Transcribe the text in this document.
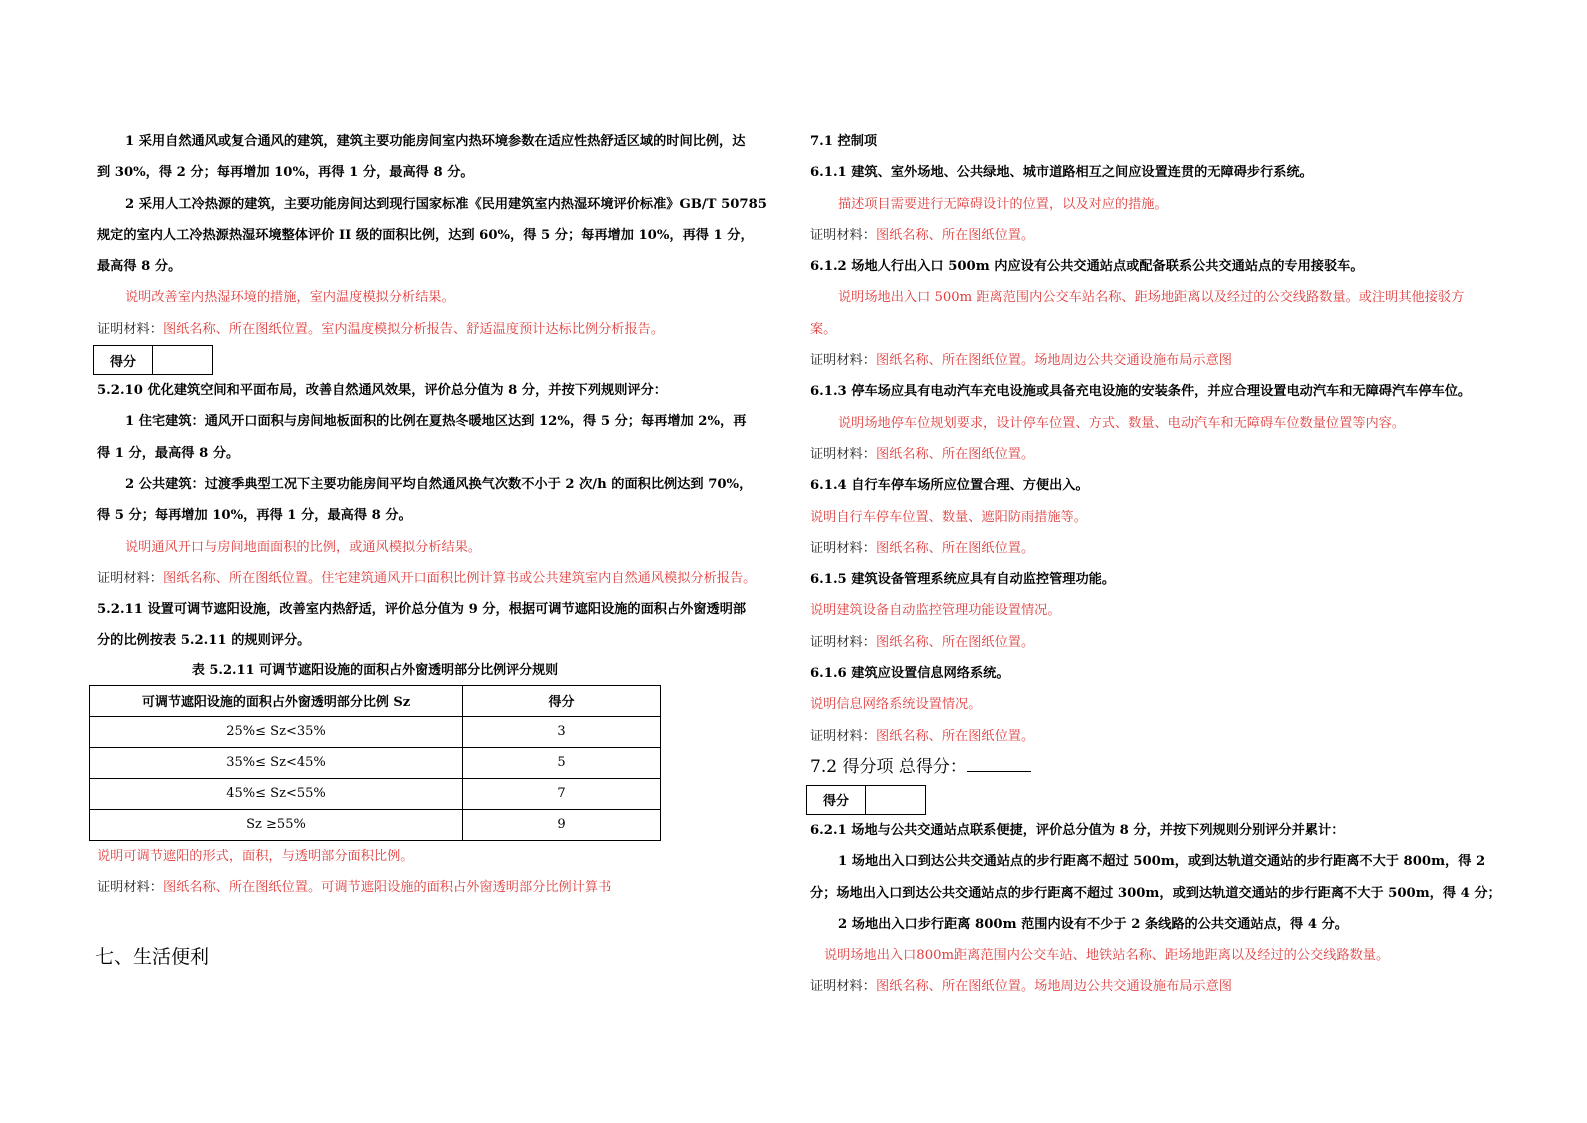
1 采用自然通风或复合通风的建筑，建筑主要功能房间室内热环境参数在适应性热舒适区域的时间比例，达
到 30%，得 2 分；每再增加 10%，再得 1 分，最高得 8 分。
2 采用人工冷热源的建筑，主要功能房间达到现行国家标准《民用建筑室内热湿环境评价标准》GB/T 50785
规定的室内人工冷热源热湿环境整体评价 II 级的面积比例，达到 60%，得 5 分；每再增加 10%，再得 1 分，
最高得 8 分。
说明改善室内热湿环境的措施，室内温度模拟分析结果。
证明材料：图纸名称、所在图纸位置。室内温度模拟分析报告、舒适温度预计达标比例分析报告。
得分
5.2.10 优化建筑空间和平面布局，改善自然通风效果，评价总分值为 8 分，并按下列规则评分：
1 住宅建筑：通风开口面积与房间地板面积的比例在夏热冬暖地区达到 12%，得 5 分；每再增加 2%，再
得 1 分，最高得 8 分。
2 公共建筑：过渡季典型工况下主要功能房间平均自然通风换气次数不小于 2 次/h 的面积比例达到 70%，
得 5 分；每再增加 10%，再得 1 分，最高得 8 分。
说明通风开口与房间地面面积的比例，或通风模拟分析结果。
证明材料：图纸名称、所在图纸位置。住宅建筑通风开口面积比例计算书或公共建筑室内自然通风模拟分析报告。
5.2.11 设置可调节遮阳设施，改善室内热舒适，评价总分值为 9 分，根据可调节遮阳设施的面积占外窗透明部
分的比例按表 5.2.11 的规则评分。
表 5.2.11 可调节遮阳设施的面积占外窗透明部分比例评分规则
可调节遮阳设施的面积占外窗透明部分比例 Sz	得分
25%≤ Sz<35%	3
35%≤ Sz<45%	5
45%≤ Sz<55%	7
Sz ≥55%	9
说明可调节遮阳的形式，面积，与透明部分面积比例。
证明材料：图纸名称、所在图纸位置。可调节遮阳设施的面积占外窗透明部分比例计算书
七、生活便利
7.1 控制项
6.1.1 建筑、室外场地、公共绿地、城市道路相互之间应设置连贯的无障碍步行系统。
描述项目需要进行无障碍设计的位置，以及对应的措施。
证明材料：图纸名称、所在图纸位置。
6.1.2 场地人行出入口 500m 内应设有公共交通站点或配备联系公共交通站点的专用接驳车。
说明场地出入口 500m 距离范围内公交车站名称、距场地距离以及经过的公交线路数量。或注明其他接驳方
案。
证明材料：图纸名称、所在图纸位置。场地周边公共交通设施布局示意图
6.1.3 停车场应具有电动汽车充电设施或具备充电设施的安装条件，并应合理设置电动汽车和无障碍汽车停车位。
说明场地停车位规划要求，设计停车位置、方式、数量、电动汽车和无障碍车位数量位置等内容。
证明材料：图纸名称、所在图纸位置。
6.1.4 自行车停车场所应位置合理、方便出入。
说明自行车停车位置、数量、遮阳防雨措施等。
证明材料：图纸名称、所在图纸位置。
6.1.5 建筑设备管理系统应具有自动监控管理功能。
说明建筑设备自动监控管理功能设置情况。
证明材料：图纸名称、所在图纸位置。
6.1.6 建筑应设置信息网络系统。
说明信息网络系统设置情况。
证明材料：图纸名称、所在图纸位置。
7.2 得分项 总得分：
得分
6.2.1 场地与公共交通站点联系便捷，评价总分值为 8 分，并按下列规则分别评分并累计：
1 场地出入口到达公共交通站点的步行距离不超过 500m，或到达轨道交通站的步行距离不大于 800m，得 2
分；场地出入口到达公共交通站点的步行距离不超过 300m，或到达轨道交通站的步行距离不大于 500m，得 4 分；
2 场地出入口步行距离 800m 范围内设有不少于 2 条线路的公共交通站点，得 4 分。
说明场地出入口800m距离范围内公交车站、地铁站名称、距场地距离以及经过的公交线路数量。
证明材料：图纸名称、所在图纸位置。场地周边公共交通设施布局示意图
